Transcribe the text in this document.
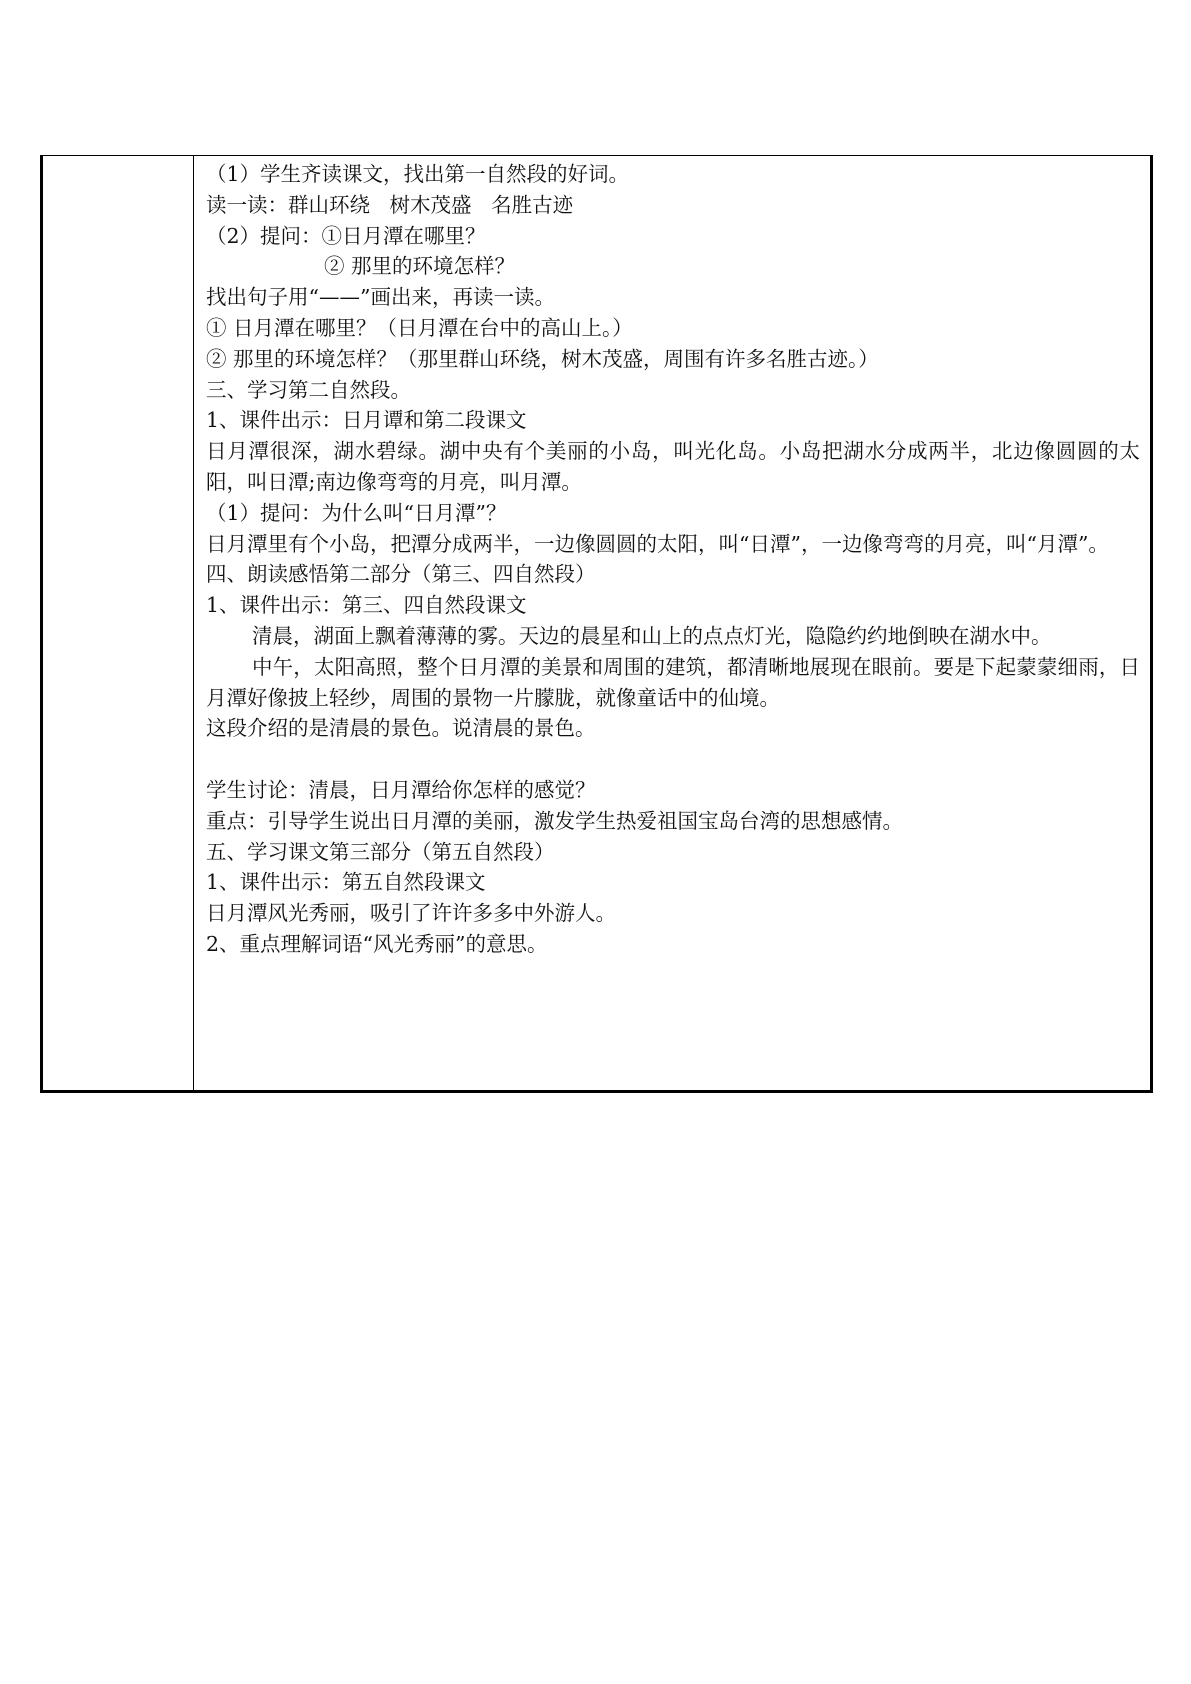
（1）学生齐读课文，找出第一自然段的好词。
读一读：群山环绕   树木茂盛   名胜古迹
（2）提问：①日月潭在哪里？
② 那里的环境怎样？
找出句子用“——”画出来，再读一读。
① 日月潭在哪里？（日月潭在台中的高山上。）
② 那里的环境怎样？（那里群山环绕，树木茂盛，周围有许多名胜古迹。）
三、学习第二自然段。
1、课件出示：日月谭和第二段课文
日月潭很深，湖水碧绿。湖中央有个美丽的小岛，叫光化岛。小岛把湖水分成两半，北边像圆圆的太阳，叫日潭;南边像弯弯的月亮，叫月潭。
（1）提问：为什么叫“日月潭”？
日月潭里有个小岛，把潭分成两半，一边像圆圆的太阳，叫“日潭”，一边像弯弯的月亮，叫“月潭”。
四、朗读感悟第二部分（第三、四自然段）
1、课件出示：第三、四自然段课文
清晨，湖面上飘着薄薄的雾。天边的晨星和山上的点点灯光，隐隐约约地倒映在湖水中。
中午，太阳高照，整个日月潭的美景和周围的建筑，都清晰地展现在眼前。要是下起蒙蒙细雨，日月潭好像披上轻纱，周围的景物一片朦胧，就像童话中的仙境。
这段介绍的是清晨的景色。说清晨的景色。
学生讨论：清晨，日月潭给你怎样的感觉？
重点：引导学生说出日月潭的美丽，激发学生热爱祖国宝岛台湾的思想感情。
五、学习课文第三部分（第五自然段）
1、课件出示：第五自然段课文
日月潭风光秀丽，吸引了许许多多中外游人。
2、重点理解词语“风光秀丽”的意思。
